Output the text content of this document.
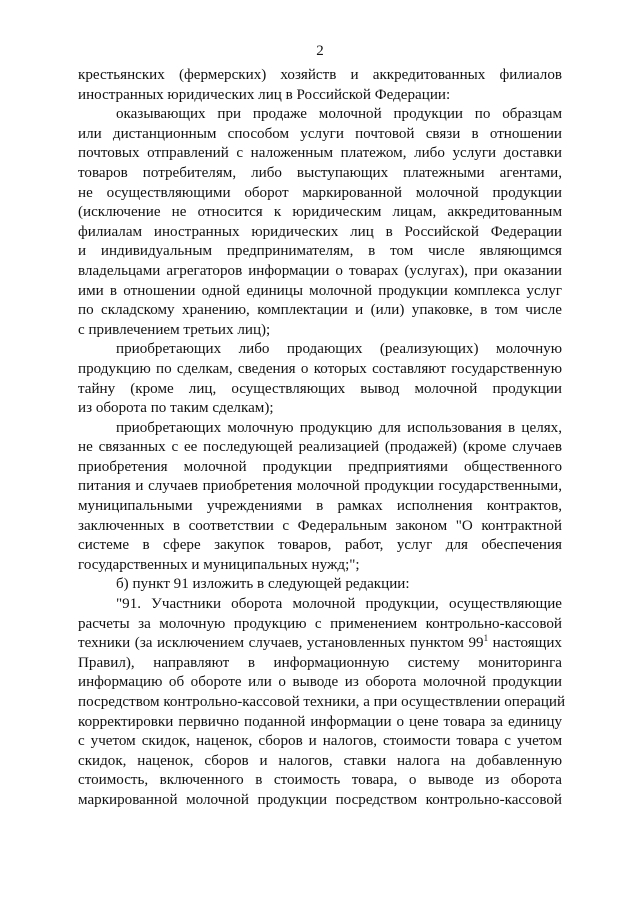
2
крестьянских (фермерских) хозяйств и аккредитованных филиалов
иностранных юридических лиц в Российской Федерации:
оказывающих при продаже молочной продукции по образцам
или дистанционным способом услуги почтовой связи в отношении
почтовых отправлений с наложенным платежом, либо услуги доставки
товаров потребителям, либо выступающих платежными агентами,
не осуществляющими оборот маркированной молочной продукции
(исключение не относится к юридическим лицам, аккредитованным
филиалам иностранных юридических лиц в Российской Федерации
и индивидуальным предпринимателям, в том числе являющимся
владельцами агрегаторов информации о товарах (услугах), при оказании
ими в отношении одной единицы молочной продукции комплекса услуг
по складскому хранению, комплектации и (или) упаковке, в том числе
с привлечением третьих лиц);
приобретающих либо продающих (реализующих) молочную
продукцию по сделкам, сведения о которых составляют государственную
тайну (кроме лиц, осуществляющих вывод молочной продукции
из оборота по таким сделкам);
приобретающих молочную продукцию для использования в целях,
не связанных с ее последующей реализацией (продажей) (кроме случаев
приобретения молочной продукции предприятиями общественного
питания и случаев приобретения молочной продукции государственными,
муниципальными учреждениями в рамках исполнения контрактов,
заключенных в соответствии с Федеральным законом "О контрактной
системе в сфере закупок товаров, работ, услуг для обеспечения
государственных и муниципальных нужд;";
б) пункт 91 изложить в следующей редакции:
"91. Участники оборота молочной продукции, осуществляющие
расчеты за молочную продукцию с применением контрольно-кассовой
техники (за исключением случаев, установленных пунктом $99^1$ настоящих
Правил), направляют в информационную систему мониторинга
информацию об обороте или о выводе из оборота молочной продукции
посредством контрольно-кассовой техники, а при осуществлении операций
корректировки первично поданной информации о цене товара за единицу
с учетом скидок, наценок, сборов и налогов, стоимости товара с учетом
скидок, наценок, сборов и налогов, ставки налога на добавленную
стоимость, включенного в стоимость товара, о выводе из оборота
маркированной молочной продукции посредством контрольно-кассовой
